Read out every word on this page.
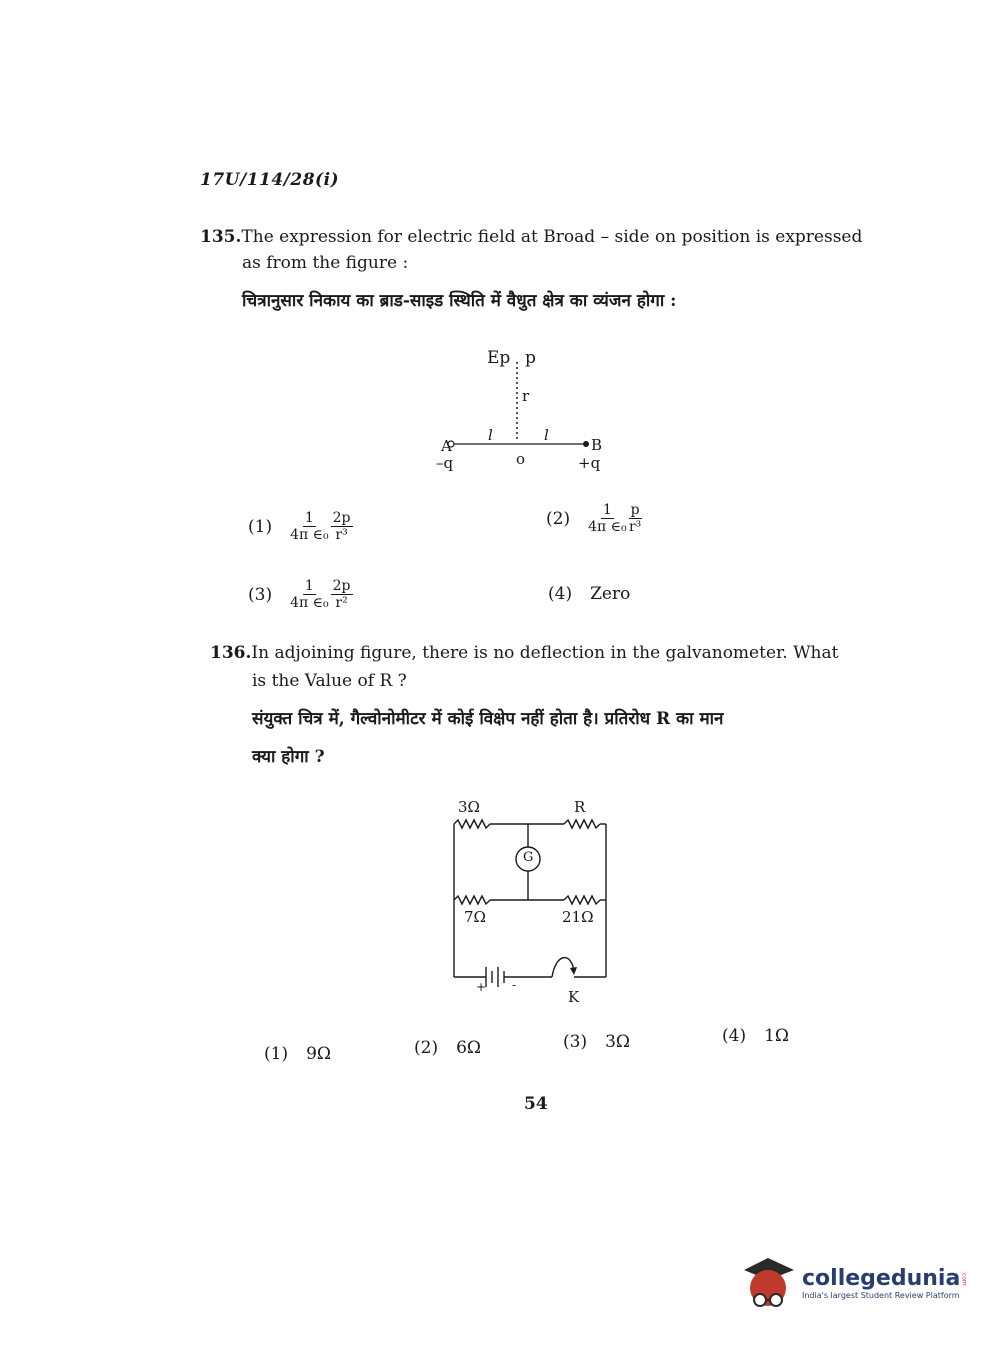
17U/114/28(i)
135.The expression for electric field at Broad – side on position is expressed
as from the figure :
चित्रानुसार निकाय का ब्राड-साइड स्थिति में वैधुत क्षेत्र का व्यंजन होगा :
Ep p
r
l	l
A	B
o
–q	+q
$(1) \frac{1}{\text{4π ∈₀}} \frac{2p}{\text{r³}}$	$(2) \frac{1}{\text{4π ∈₀}} \frac{p}{\text{r³}}$
$(3) \frac{1}{\text{4π ∈₀}} \frac{2p}{\text{r²}}$	(4) Zero
136.In adjoining figure, there is no deflection in the galvanometer. What
is the Value of R ?
संयुक्त चित्र में, गैल्वोनोमीटर में कोई विक्षेप नहीं होता है। प्रतिरोध R का मान
क्या होगा ?
3Ω	R
G
7Ω	21Ω
+ -
K
(1) 9Ω	(2) 6Ω	(3) 3Ω	(4) 1Ω
54
collegedunia .com
India's largest Student Review Platform
